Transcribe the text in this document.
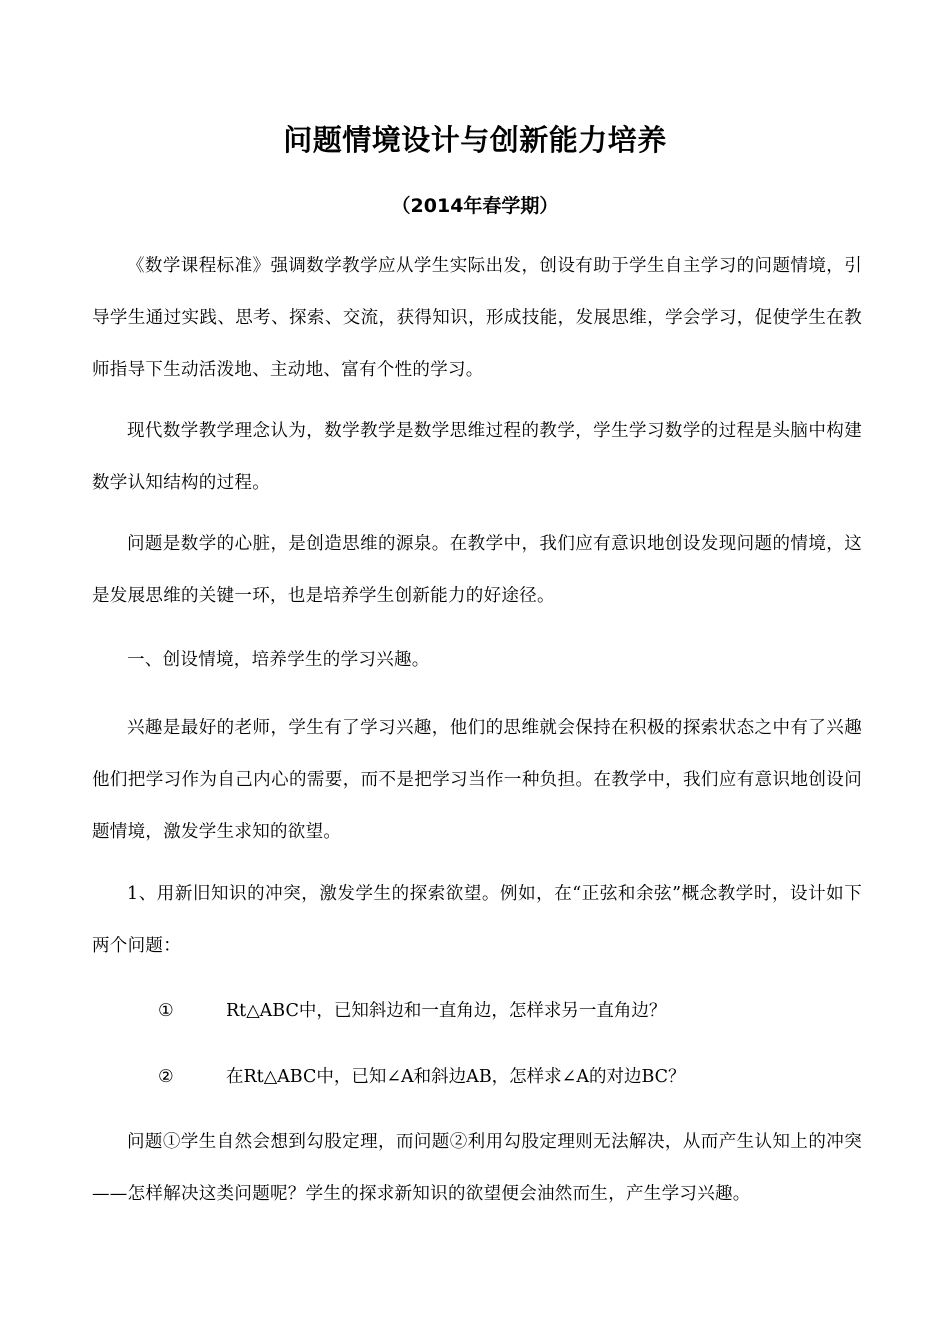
问题情境设计与创新能力培养
（2014年春学期）

《数学课程标准》强调数学教学应从学生实际出发，创设有助于学生自主学习的问题情境，引导学生通过实践、思考、探索、交流，获得知识，形成技能，发展思维，学会学习，促使学生在教师指导下生动活泼地、主动地、富有个性的学习。

现代数学教学理念认为，数学教学是数学思维过程的教学，学生学习数学的过程是头脑中构建数学认知结构的过程。

问题是数学的心脏，是创造思维的源泉。在教学中，我们应有意识地创设发现问题的情境，这是发展思维的关键一环，也是培养学生创新能力的好途径。

一、创设情境，培养学生的学习兴趣。

兴趣是最好的老师，学生有了学习兴趣，他们的思维就会保持在积极的探索状态之中有了兴趣他们把学习作为自己内心的需要，而不是把学习当作一种负担。在教学中，我们应有意识地创设问题情境，激发学生求知的欲望。

1、用新旧知识的冲突，激发学生的探索欲望。例如，在“正弦和余弦”概念教学时，设计如下两个问题：

①	Rt△ABC中，已知斜边和一直角边，怎样求另一直角边？

②	在Rt△ABC中，已知∠A和斜边AB，怎样求∠A的对边BC？

问题①学生自然会想到勾股定理，而问题②利用勾股定理则无法解决，从而产生认知上的冲突——怎样解决这类问题呢？学生的探求新知识的欲望便会油然而生，产生学习兴趣。
